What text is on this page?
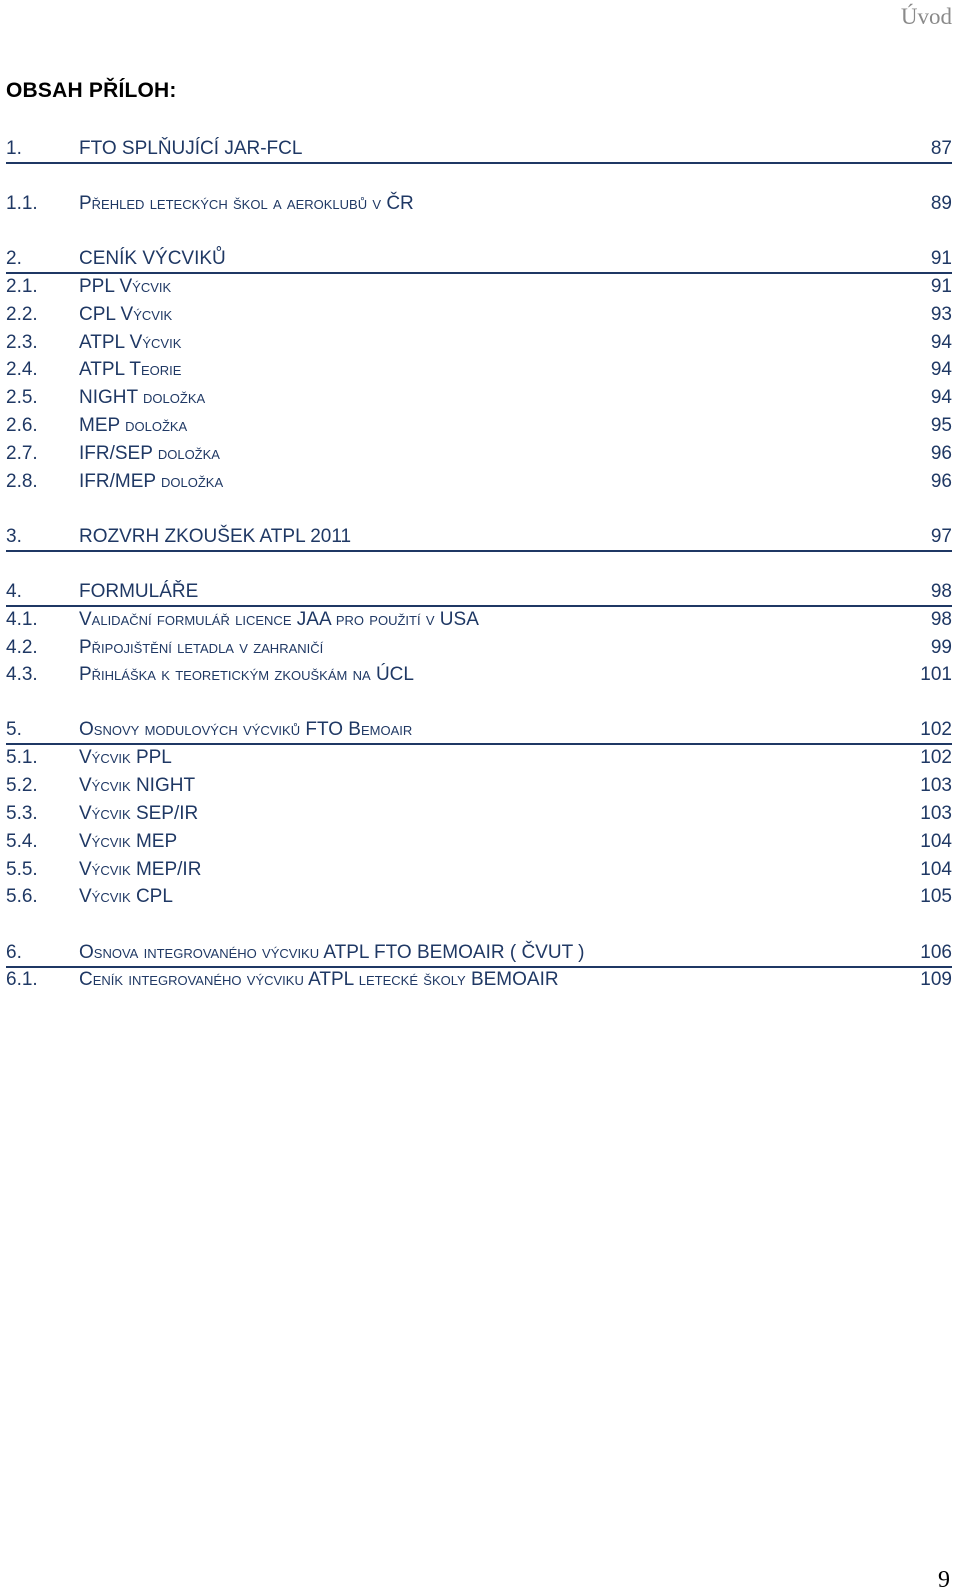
Úvod
OBSAH PŘÍLOH:
1.	FTO SPLŇUJÍCÍ JAR-FCL	87
1.1. Přehled leteckých škol a aeroklubů v ČR	89
2.	CENÍK VÝCVIKŮ	91
2.1. PPL Výcvik	91
2.2. CPL Výcvik	93
2.3. ATPL Výcvik	94
2.4. ATPL Teorie	94
2.5. NIGHT doložka	94
2.6. MEP doložka	95
2.7. IFR/SEP doložka	96
2.8. IFR/MEP doložka	96
3.	ROZVRH ZKOUŠEK ATPL 2011	97
4.	FORMULÁŘE	98
4.1. Validační formulář licence JAA pro použití v USA	98
4.2. Připojištění letadla v zahraničí	99
4.3. Přihláška k teoretickým zkouškám na ÚCL	101
5.	Osnovy modulových výcviků FTO Bemoair	102
5.1. Výcvik PPL	102
5.2. Výcvik NIGHT	103
5.3. Výcvik SEP/IR	103
5.4. Výcvik MEP	104
5.5. Výcvik MEP/IR	104
5.6. Výcvik CPL	105
6.	Osnova integrovaného výcviku ATPL FTO BEMOAIR ( ČVUT )	106
6.1. Ceník integrovaného výcviku ATPL letecké školy BEMOAIR	109
9
